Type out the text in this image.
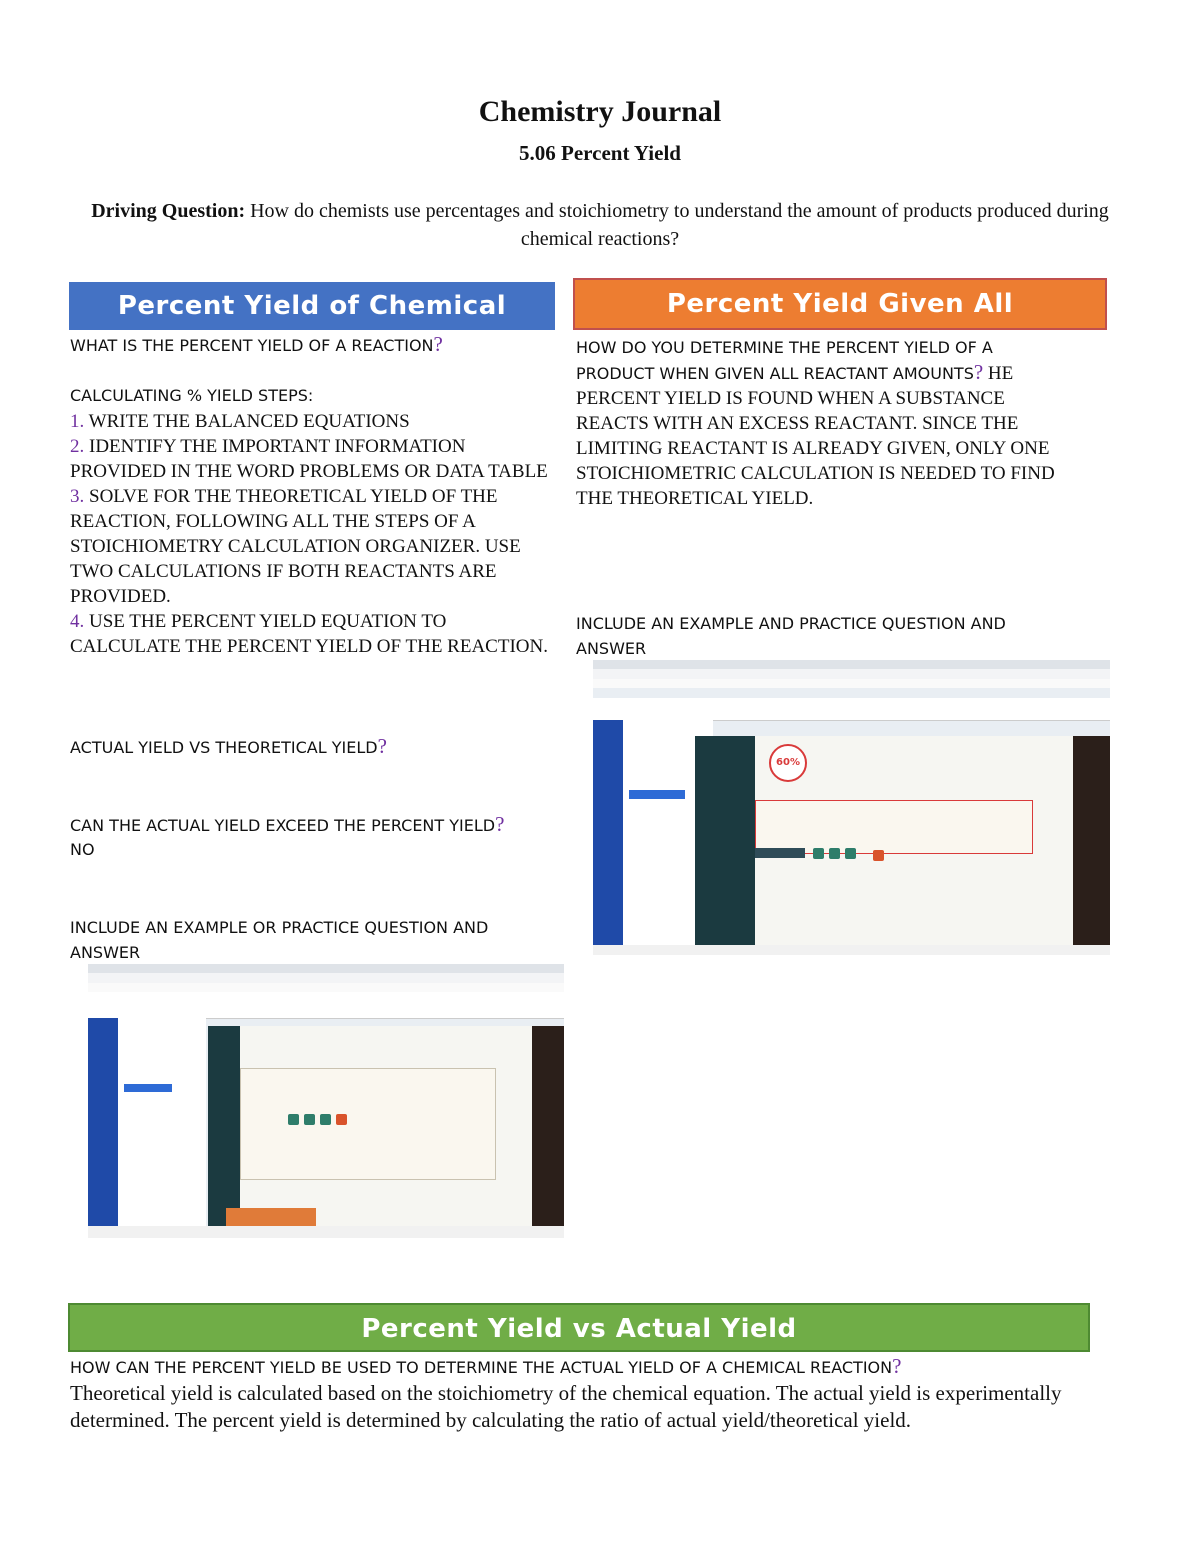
Chemistry Journal
5.06 Percent Yield
Driving Question: How do chemists use percentages and stoichiometry to understand the amount of products produced during chemical reactions?
Percent Yield of Chemical	Percent Yield Given All
Percent Yield vs Actual Yield
WHAT IS THE PERCENT YIELD OF A REACTION?
CALCULATING % YIELD STEPS:
1. WRITE THE BALANCED EQUATIONS
2. IDENTIFY THE IMPORTANT INFORMATION PROVIDED IN THE WORD PROBLEMS OR DATA TABLE
3. SOLVE FOR THE THEORETICAL YIELD OF THE REACTION, FOLLOWING ALL THE STEPS OF A STOICHIOMETRY CALCULATION ORGANIZER. USE TWO CALCULATIONS IF BOTH REACTANTS ARE PROVIDED.
4. USE THE PERCENT YIELD EQUATION TO CALCULATE THE PERCENT YIELD OF THE REACTION.
ACTUAL YIELD VS THEORETICAL YIELD?
CAN THE ACTUAL YIELD EXCEED THE PERCENT YIELD?
NO
INCLUDE AN EXAMPLE OR PRACTICE QUESTION AND ANSWER
HOW DO YOU DETERMINE THE PERCENT YIELD OF A PRODUCT WHEN GIVEN ALL REACTANT AMOUNTS? HE PERCENT YIELD IS FOUND WHEN A SUBSTANCE REACTS WITH AN EXCESS REACTANT. SINCE THE LIMITING REACTANT IS ALREADY GIVEN, ONLY ONE STOICHIOMETRIC CALCULATION IS NEEDED TO FIND THE THEORETICAL YIELD.
INCLUDE AN EXAMPLE AND PRACTICE QUESTION AND ANSWER
60%
HOW CAN THE PERCENT YIELD BE USED TO DETERMINE THE ACTUAL YIELD OF A CHEMICAL REACTION?
Theoretical yield is calculated based on the stoichiometry of the chemical equation. The actual yield is experimentally determined. The percent yield is determined by calculating the ratio of actual yield/theoretical yield.
